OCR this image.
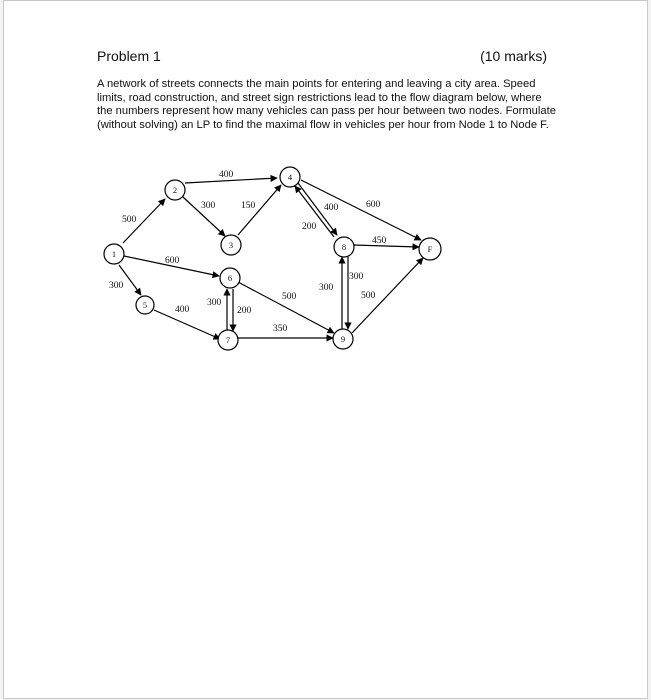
Problem 1	(10 marks)

A network of streets connects the main points for entering and leaving a city area. Speed limits, road construction, and street sign restrictions lead to the flow diagram below, where the numbers represent how many vehicles can pass per hour between two nodes. Formulate (without solving) an LP to find the maximal flow in vehicles per hour from Node 1 to Node F.

400
500
300	150	400
200
600
450
600
300
400
300
200
500
350
300
300
500
1
2
3
4
5
6
7
8
9
F
